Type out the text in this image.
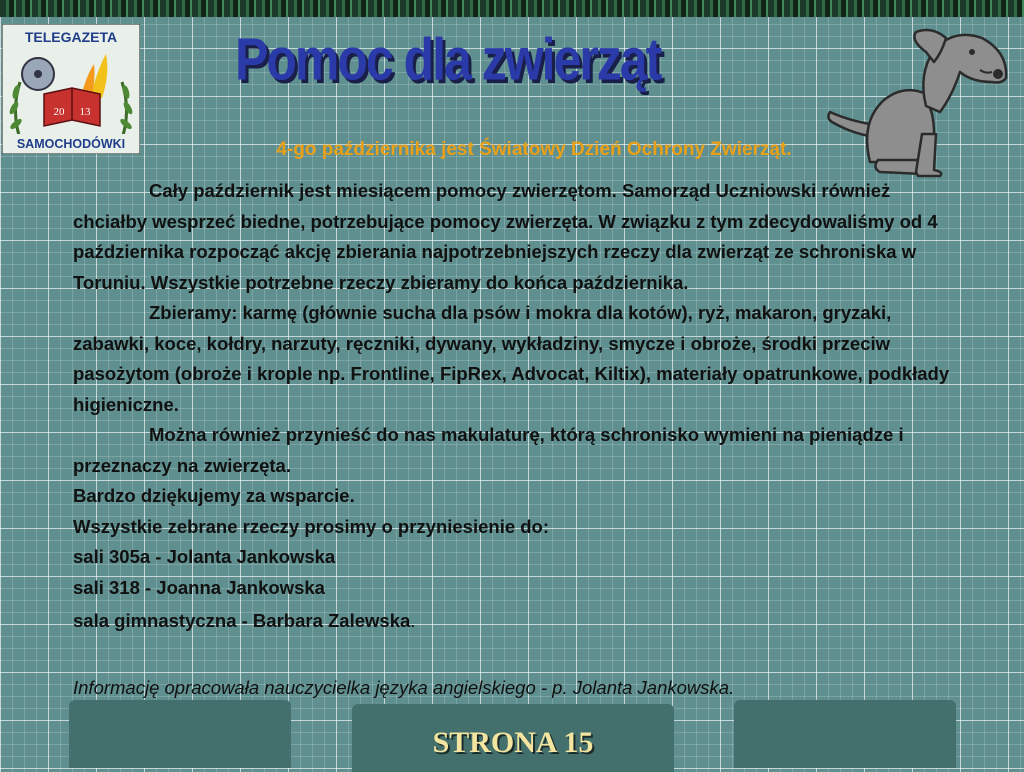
TELEGAZETA
20 13
SAMOCHODÓWKI
Pomoc dla zwierząt
4-go października jest Światowy Dzień Ochrony Zwierząt.

Cały październik jest miesiącem pomocy zwierzętom. Samorząd Uczniowski również chciałby wesprzeć biedne, potrzebujące pomocy zwierzęta. W związku z tym zdecydowaliśmy od 4 października rozpocząć akcję zbierania najpotrzebniejszych rzeczy dla zwierząt ze schroniska w Toruniu. Wszystkie potrzebne rzeczy zbieramy do końca października.

Zbieramy: karmę (głównie sucha dla psów i mokra dla kotów), ryż, makaron, gryzaki, zabawki, koce, kołdry, narzuty, ręczniki, dywany, wykładziny, smycze i obroże, środki przeciw pasożytom (obroże i krople np. Frontline, FipRex, Advocat, Kiltix), materiały opatrunkowe, podkłady higieniczne.

Można również przynieść do nas makulaturę, którą schronisko wymieni na pieniądze i przeznaczy na zwierzęta.

Bardzo dziękujemy za wsparcie.

Wszystkie zebrane rzeczy prosimy o przyniesienie do:

sali 305a - Jolanta Jankowska

sali 318 - Joanna Jankowska

sala gimnastyczna - Barbara Zalewska.

Informację opracowała nauczycielka języka angielskiego - p. Jolanta Jankowska.
STRONA 15
